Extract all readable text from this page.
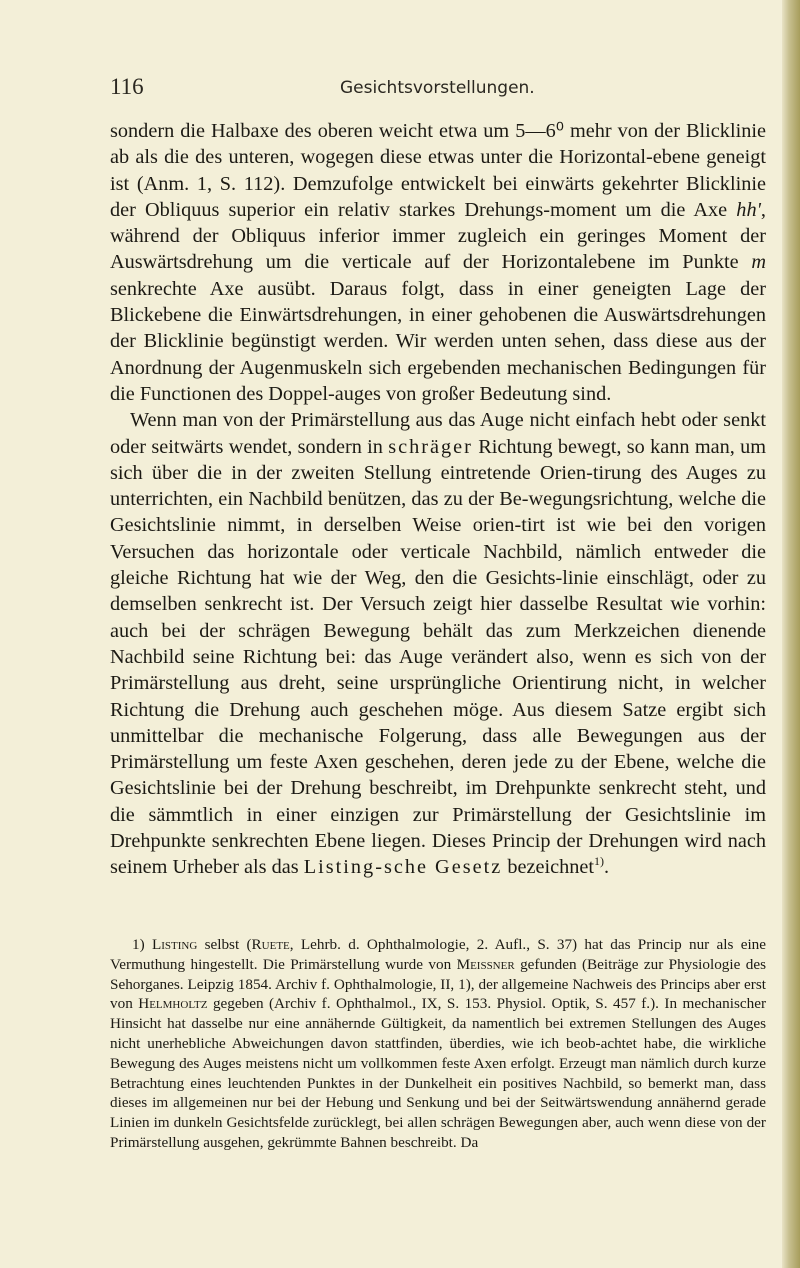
116	Gesichtsvorstellungen.

sondern die Halbaxe des oberen weicht etwa um 5—6⁰ mehr von der Blicklinie ab als die des unteren, wogegen diese etwas unter die Horizontal-ebene geneigt ist (Anm. 1, S. 112). Demzufolge entwickelt bei einwärts gekehrter Blicklinie der Obliquus superior ein relativ starkes Drehungs-moment um die Axe hh', während der Obliquus inferior immer zugleich ein geringes Moment der Auswärtsdrehung um die verticale auf der Horizontalebene im Punkte m senkrechte Axe ausübt. Daraus folgt, dass in einer geneigten Lage der Blickebene die Einwärtsdrehungen, in einer gehobenen die Auswärtsdrehungen der Blicklinie begünstigt werden. Wir werden unten sehen, dass diese aus der Anordnung der Augenmuskeln sich ergebenden mechanischen Bedingungen für die Functionen des Doppel-auges von großer Bedeutung sind.

Wenn man von der Primärstellung aus das Auge nicht einfach hebt oder senkt oder seitwärts wendet, sondern in schräger Richtung bewegt, so kann man, um sich über die in der zweiten Stellung eintretende Orien-tirung des Auges zu unterrichten, ein Nachbild benützen, das zu der Be-wegungsrichtung, welche die Gesichtslinie nimmt, in derselben Weise orien-tirt ist wie bei den vorigen Versuchen das horizontale oder verticale Nachbild, nämlich entweder die gleiche Richtung hat wie der Weg, den die Gesichts-linie einschlägt, oder zu demselben senkrecht ist. Der Versuch zeigt hier dasselbe Resultat wie vorhin: auch bei der schrägen Bewegung behält das zum Merkzeichen dienende Nachbild seine Richtung bei: das Auge verändert also, wenn es sich von der Primärstellung aus dreht, seine ursprüngliche Orientirung nicht, in welcher Richtung die Drehung auch geschehen möge. Aus diesem Satze ergibt sich unmittelbar die mechanische Folgerung, dass alle Bewegungen aus der Primärstellung um feste Axen geschehen, deren jede zu der Ebene, welche die Gesichtslinie bei der Drehung beschreibt, im Drehpunkte senkrecht steht, und die sämmtlich in einer einzigen zur Primärstellung der Gesichtslinie im Drehpunkte senkrechten Ebene liegen. Dieses Princip der Drehungen wird nach seinem Urheber als das Listing-sche Gesetz bezeichnet$^{1)}$.

1) Listing selbst (Ruete, Lehrb. d. Ophthalmologie, 2. Aufl., S. 37) hat das Princip nur als eine Vermuthung hingestellt. Die Primärstellung wurde von Meissner gefunden (Beiträge zur Physiologie des Sehorganes. Leipzig 1854. Archiv f. Ophthalmologie, II, 1), der allgemeine Nachweis des Princips aber erst von Helmholtz gegeben (Archiv f. Ophthalmol., IX, S. 153. Physiol. Optik, S. 457 f.). In mechanischer Hinsicht hat dasselbe nur eine annähernde Gültigkeit, da namentlich bei extremen Stellungen des Auges nicht unerhebliche Abweichungen davon stattfinden, überdies, wie ich beob-achtet habe, die wirkliche Bewegung des Auges meistens nicht um vollkommen feste Axen erfolgt. Erzeugt man nämlich durch kurze Betrachtung eines leuchtenden Punktes in der Dunkelheit ein positives Nachbild, so bemerkt man, dass dieses im allgemeinen nur bei der Hebung und Senkung und bei der Seitwärtswendung annähernd gerade Linien im dunkeln Gesichtsfelde zurücklegt, bei allen schrägen Bewegungen aber, auch wenn diese von der Primärstellung ausgehen, gekrümmte Bahnen beschreibt. Da
